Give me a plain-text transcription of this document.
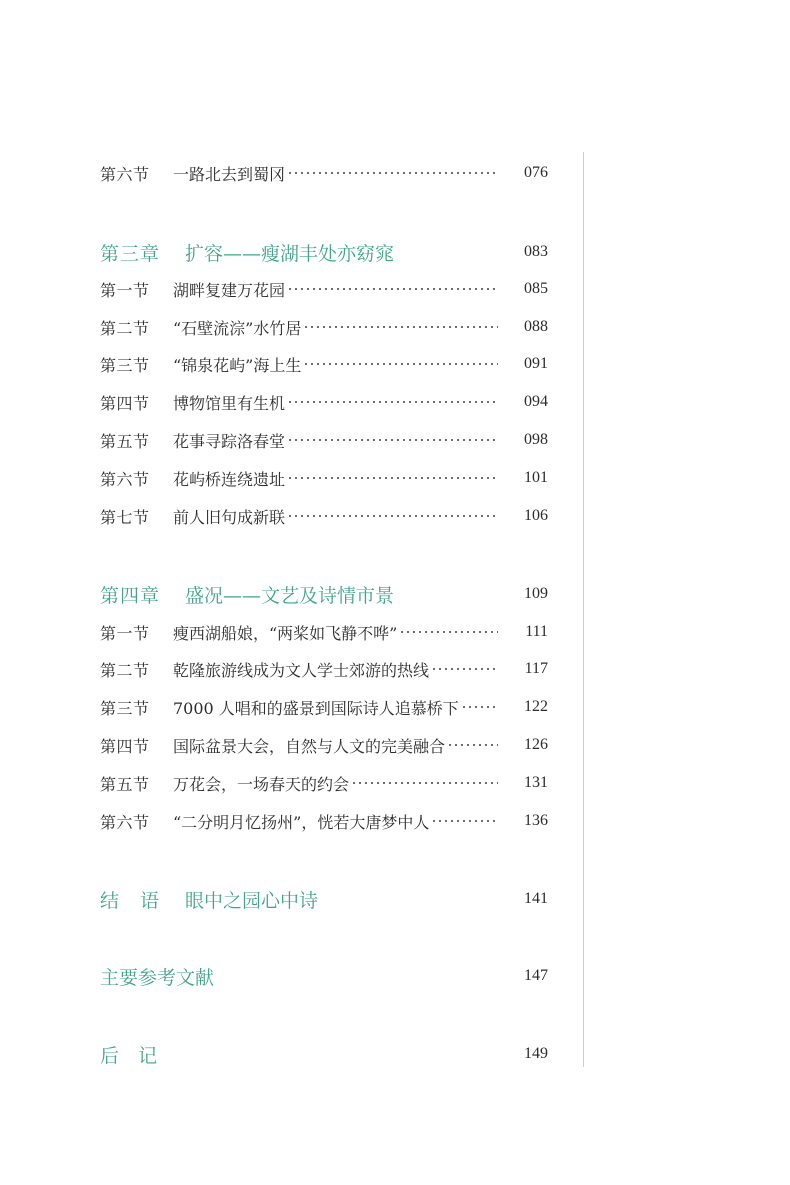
第六节	一路北去到蜀冈	076
第三章	扩容——瘦湖丰处亦窈窕	083
第一节	湖畔复建万花园	085
第二节	“石壁流淙”水竹居	088
第三节	“锦泉花屿”海上生	091
第四节	博物馆里有生机	094
第五节	花事寻踪洛春堂	098
第六节	花屿桥连绕遗址	101
第七节	前人旧句成新联	106
第四章	盛况——文艺及诗情市景	109
第一节	瘦西湖船娘，“两桨如飞静不哗”	111
第二节	乾隆旅游线成为文人学士郊游的热线	117
第三节	7000 人唱和的盛景到国际诗人追慕桥下	122
第四节	国际盆景大会，自然与人文的完美融合	126
第五节	万花会，一场春天的约会	131
第六节	“二分明月忆扬州”，恍若大唐梦中人	136
结　语	眼中之园心中诗	141
主要参考文献	147
后　记	149
